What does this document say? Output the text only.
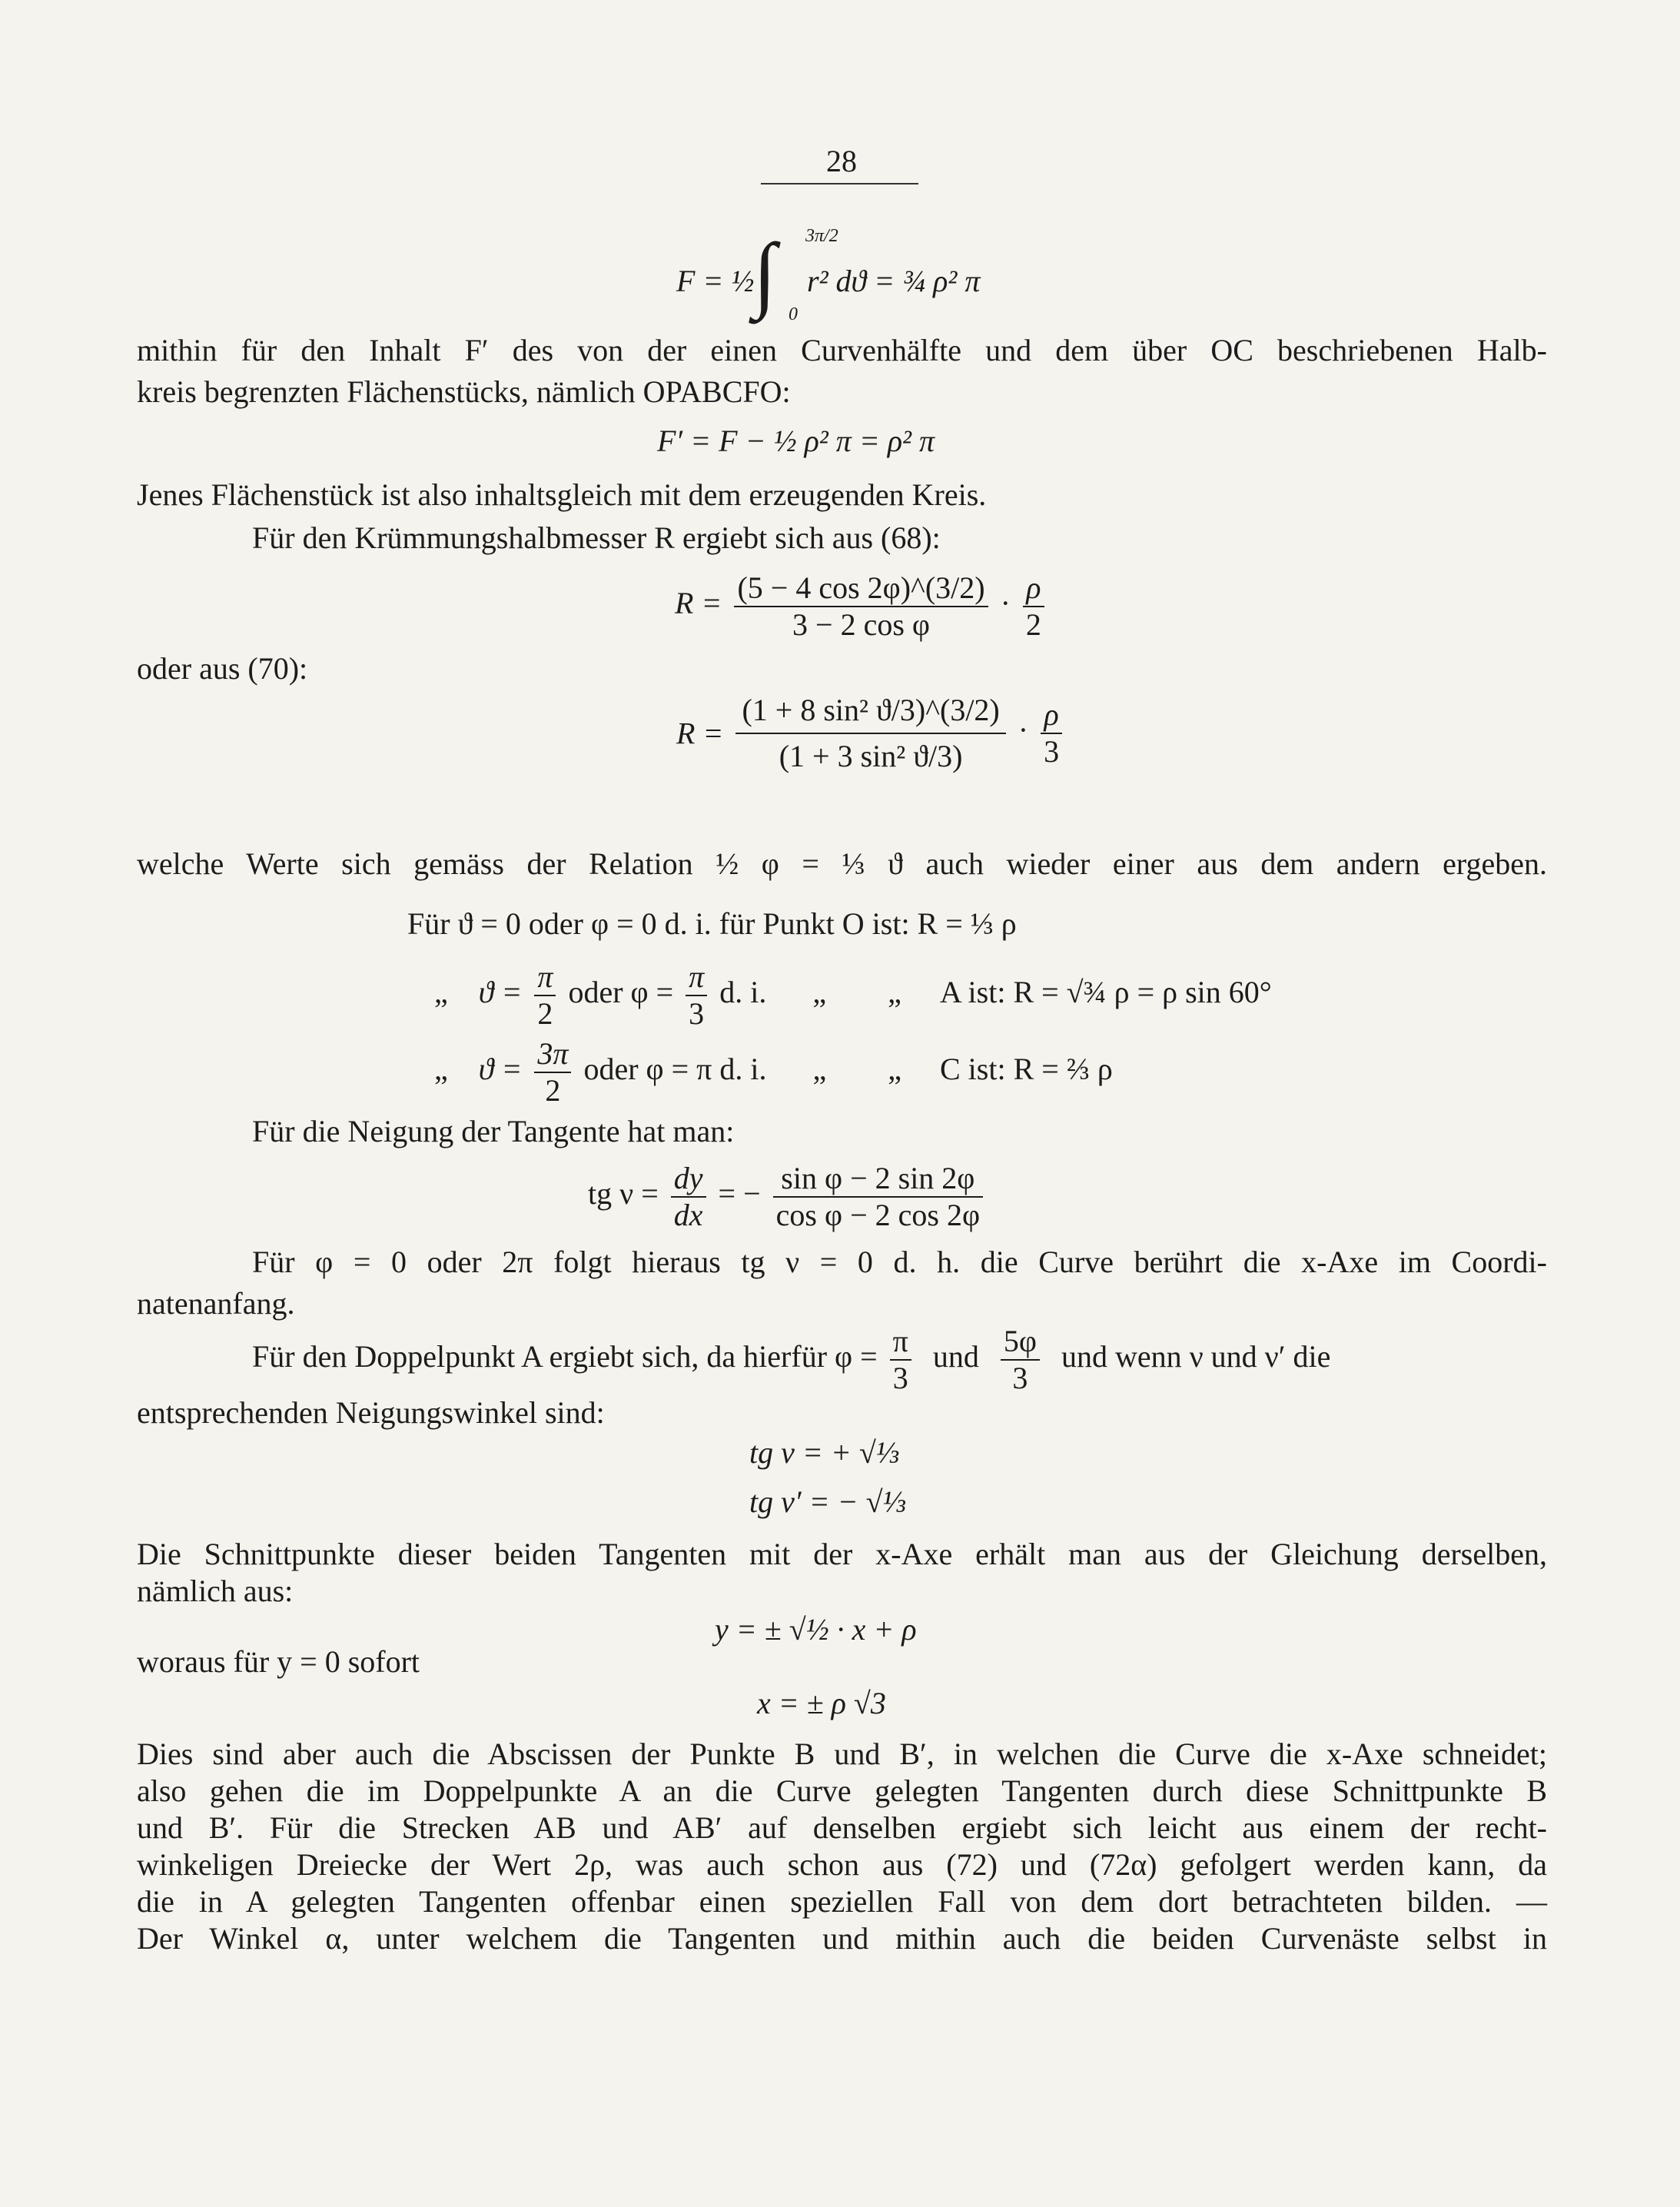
28
F = ½
∫ 3π/2
0
r² dϑ = ¾ ρ² π
mithin für den Inhalt F′ des von der einen Curvenhälfte und dem über OC beschriebenen Halb-
kreis begrenzten Flächenstücks, nämlich OPABCFO:
F′ = F − ½ ρ² π = ρ² π
Jenes Flächenstück ist also inhaltsgleich mit dem erzeugenden Kreis.
Für den Krümmungshalbmesser R ergiebt sich aus (68):
$R = \frac{(5 - 4 \cos 2\varphi)\^{}(3/2)}{\text{3 − 2 cos φ}} \cdot \frac{\rho}{2}$
oder aus (70):
$R = \frac{\text{(1 + 8 sin² ϑ/3)\textasciicircum{}(3/2)}}{\text{(1 + 3 sin² ϑ/3)}} \cdot \frac{\rho}{3}$
welche Werte sich gemäss der Relation ½ φ = ⅓ ϑ auch wieder einer aus dem andern ergeben.
Für ϑ = 0 oder φ = 0 d. i. für Punkt O ist: R = ⅓ ρ
„ $ϑ = \frac{\pi}{2}$ oder $\varphi = \frac{\pi}{3} d$. i. „ „ A ist: R = √¾ ρ = ρ sin 60°
„ $ϑ = \frac{3\pi}{2}$ oder φ = π d. i. „ „ C ist: R = ⅔ ρ
Für die Neigung der Tangente hat man:
tg $\nu = \frac{dy}{dx}$ = − $\frac{\text{sin φ − 2 sin 2φ}}{\text{cos φ − 2 cos 2φ}}$
Für φ = 0 oder 2π folgt hieraus tg ν = 0 d. h. die Curve berührt die x-Axe im Coordi-
natenanfang.
Für den Doppelpunkt A ergiebt sich, da hierfür $\varphi = \frac{\pi}{3}$ und $\frac{5\varphi}{3}$ und wenn ν und ν′ die
entsprechenden Neigungswinkel sind:
tg ν = + √⅓
tg ν′ = − √⅓
Die Schnittpunkte dieser beiden Tangenten mit der x-Axe erhält man aus der Gleichung derselben,
nämlich aus:
y = ± √½ · x + ρ
woraus für y = 0 sofort
x = ± ρ √3
Dies sind aber auch die Abscissen der Punkte B und B′, in welchen die Curve die x-Axe schneidet;
also gehen die im Doppelpunkte A an die Curve gelegten Tangenten durch diese Schnittpunkte B
und B′. Für die Strecken AB und AB′ auf denselben ergiebt sich leicht aus einem der recht-
winkeligen Dreiecke der Wert 2ρ, was auch schon aus (72) und (72α) gefolgert werden kann, da
die in A gelegten Tangenten offenbar einen speziellen Fall von dem dort betrachteten bilden. —
Der Winkel α, unter welchem die Tangenten und mithin auch die beiden Curvenäste selbst in
